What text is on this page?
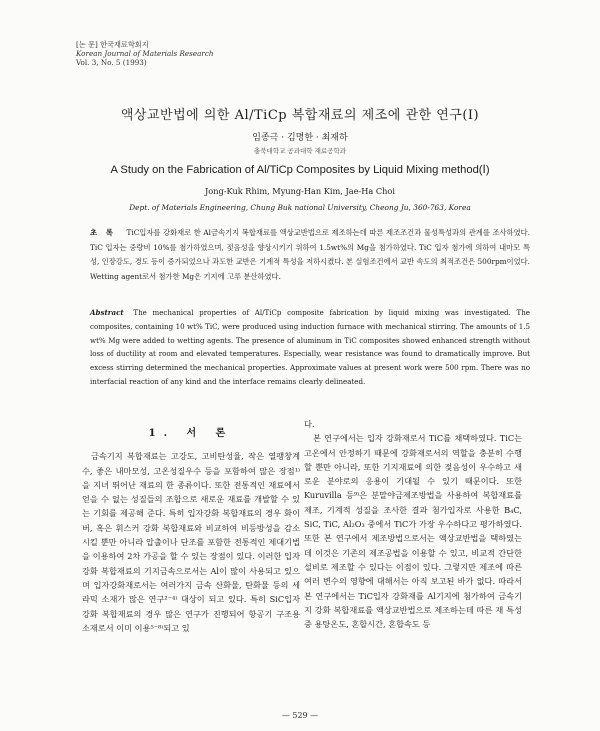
[논 문] 한국재료학회지
Korean Journal of Materials Research
Vol. 3, No. 5 (1993)
액상교반법에 의한 Al/TiCp 복합재료의 제조에 관한 연구(Ⅰ)
임종극 · 김명한 · 최재하
충북대학교 공과대학 재료공학과
A Study on the Fabrication of Al/TiCp Composites by Liquid Mixing method(Ⅰ)
Jong-Kuk Rhim, Myung-Han Kim, Jae-Ha Choi
Dept. of Materials Engineering, Chung Buk national University, Cheong Ju, 360-763, Korea
초 록 TiC입자를 강화재로 한 Al금속기지 복합재료를 액상교반법으로 제조하는데 따른 제조조건과 물성특성과의 관계를 조사하였다. TiC 입자는 중량비 10%를 첨가하였으며, 젖음성을 향상시키기 위하여 1.5wt%의 Mg을 첨가하였다. TiC 입자 첨가에 의하여 내마모 특성, 인장강도, 경도 등이 증가되었으나 과도한 교반은 기계적 특성을 저하시켰다. 본 실험조건에서 교반 속도의 최적조건은 500rpm이었다. Wetting agent로서 첨가한 Mg은 기지에 고루 분산하였다.
Abstract The mechanical properties of Al/TiCp composite fabrication by liquid mixing was investigated. The composites, containing 10 wt% TiC, were produced using induction furnace with mechanical stirring. The amounts of 1.5 wt% Mg were added to wetting agents. The presence of aluminum in TiC composites showed enhanced strength without loss of ductility at room and elevated temperatures. Especially, wear resistance was found to dramatically improve. But excess stirring determined the mechanical properties. Approximate values at present work were 500 rpm. There was no interfacial reaction of any kind and the interface remains clearly delineated.
1. 서 론

금속기지 복합재료는 고강도, 고비탄성율, 작은 열팽창계수, 좋은 내마모성, 고온성질우수 등을 포함하여 많은 장점¹⁾을 지녀 뛰어난 재료의 한 종류이다. 또한 전통적인 재료에서 얻을 수 없는 성질들의 조합으로 새로운 재료를 개발할 수 있는 기회를 제공해 준다. 특히 입자강화 복합재료의 경우 화이버, 혹은 휘스커 강화 복합재료와 비교하여 비등방성을 감소시킬 뿐만 아니라 압출이나 단조를 포함한 전통적인 제대기법을 이용하여 2차 가공을 할 수 있는 장점이 있다. 이러한 입자강화 복합재료의 기지금속으로서는 Al이 많이 사용되고 있으며 입자강화재로서는 여러가지 금속 산화물, 탄화물 등의 세라믹 소재가 많은 연구²⁻⁴⁾ 대상이 되고 있다. 특히 SiC입자 강화 복합재료의 경우 많은 연구가 진행되어 항공기 구조용 소재로서 이미 이용⁵⁻⁸⁾되고 있

다.

본 연구에서는 입자 강화재로서 TiC를 채택하였다. TiC는 고온에서 안정하기 때문에 강화재로서의 역할을 충분히 수행할 뿐만 아니라, 또한 기지재료에 의한 젖음성이 우수하고 새로운 분야로의 응용이 기대될 수 있기 때문이다. 또한 Kuruvilla 등⁹⁾은 분말야금제조방법을 사용하여 복합재료를 제조, 기계적 성질을 조사한 결과 첨가입자로 사용한 B₄C, SiC, TiC, Al₂O₃ 중에서 TiC가 가장 우수하다고 평가하였다. 또한 본 연구에서 제조방법으로서는 액상교반법을 택하였는데 이것은 기존의 제조공법을 이용할 수 있고, 비교적 간단한 설비로 제조할 수 있다는 이점이 있다. 그렇지만 제조에 따른 여러 변수의 영향에 대해서는 아직 보고된 바가 없다. 따라서 본 연구에서는 TiC입자 강화재를 Al기지에 첨가하여 금속기지 강화 복합재료를 액상교반법으로 제조하는데 따른 재 특성 중 용탕온도, 혼합시간, 혼합속도 등

— 529 —
